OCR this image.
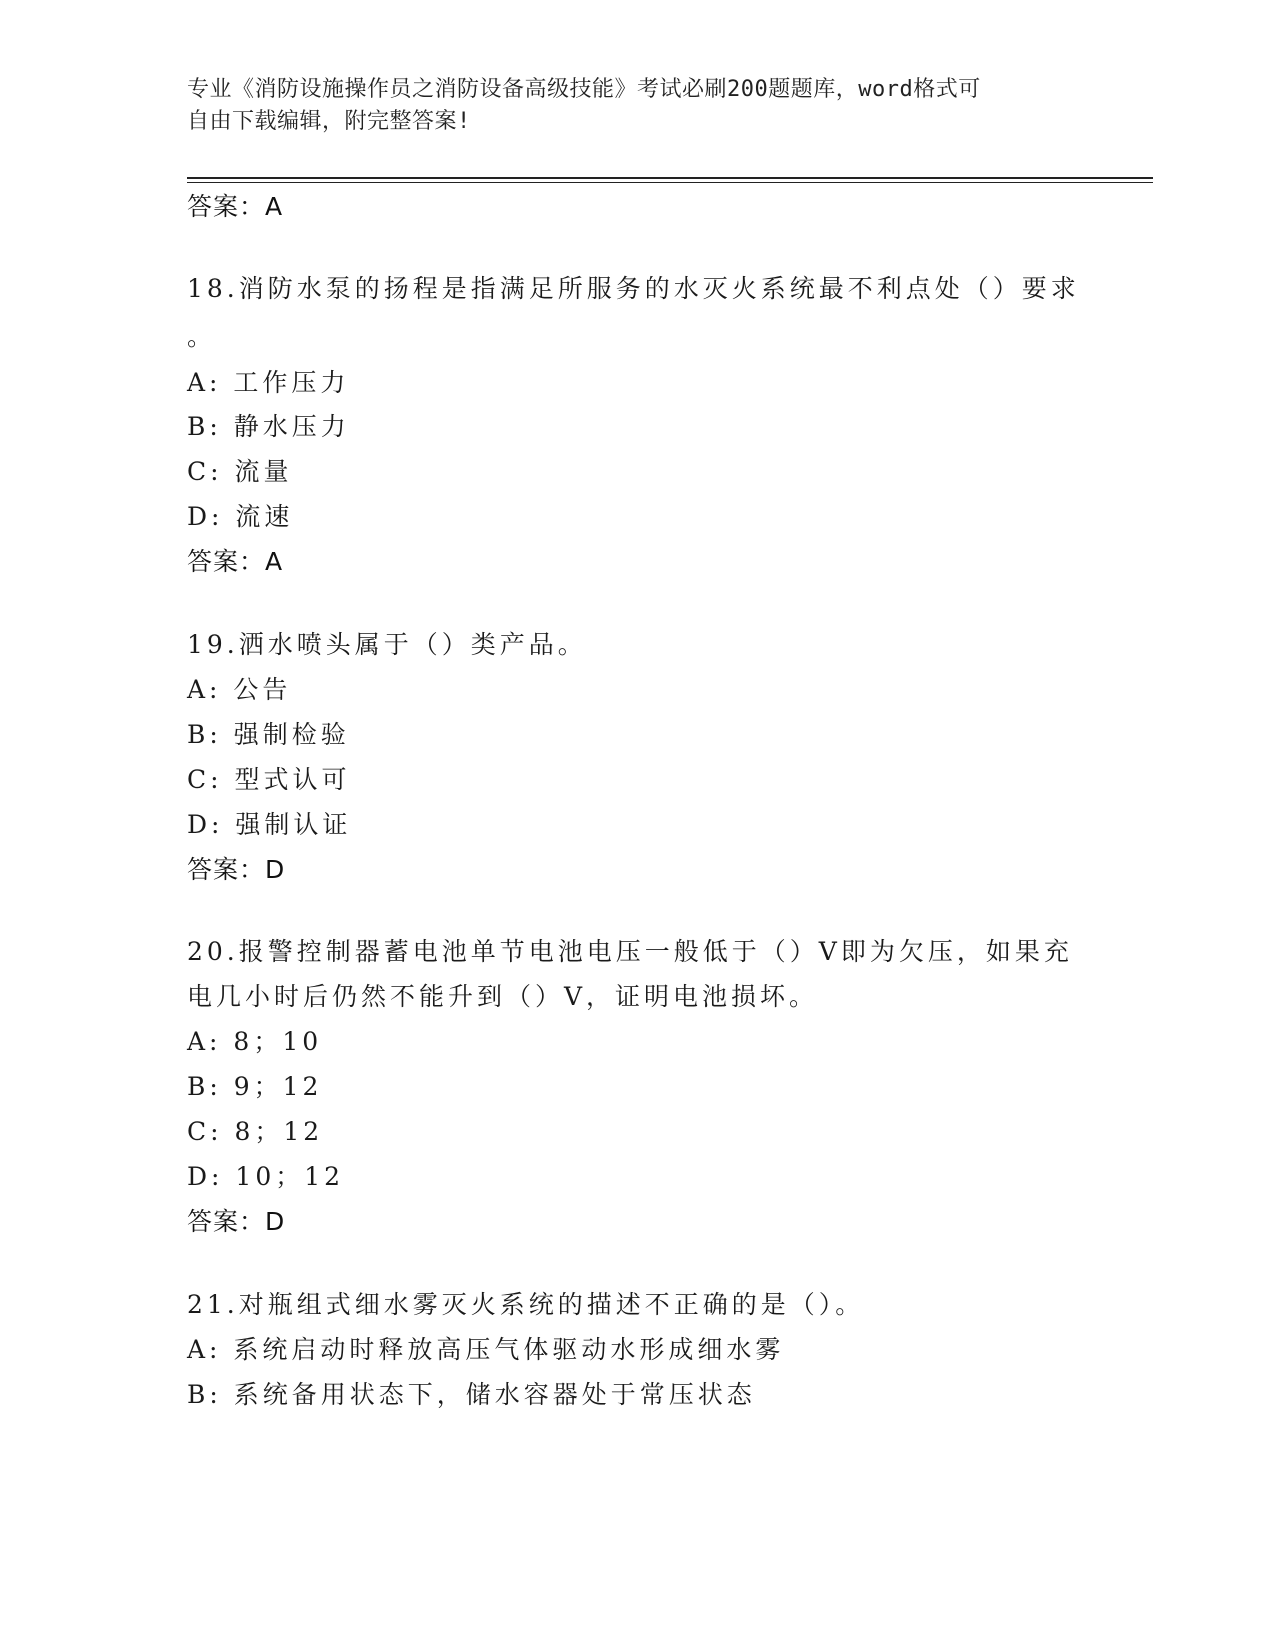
专业《消防设施操作员之消防设备高级技能》考试必刷200题题库，word格式可
自由下载编辑，附完整答案!
答案：A
18.消防水泵的扬程是指满足所服务的水灭火系统最不利点处（）要求
。
A: 工作压力
B: 静水压力
C: 流量
D: 流速
答案：A
19.洒水喷头属于（）类产品。
A: 公告
B: 强制检验
C: 型式认可
D: 强制认证
答案：D
20.报警控制器蓄电池单节电池电压一般低于（）V即为欠压，如果充
电几小时后仍然不能升到（）V，证明电池损坏。
A: 8；10
B: 9；12
C: 8；12
D: 10；12
答案：D
21.对瓶组式细水雾灭火系统的描述不正确的是（）。
A: 系统启动时释放高压气体驱动水形成细水雾
B: 系统备用状态下，储水容器处于常压状态
